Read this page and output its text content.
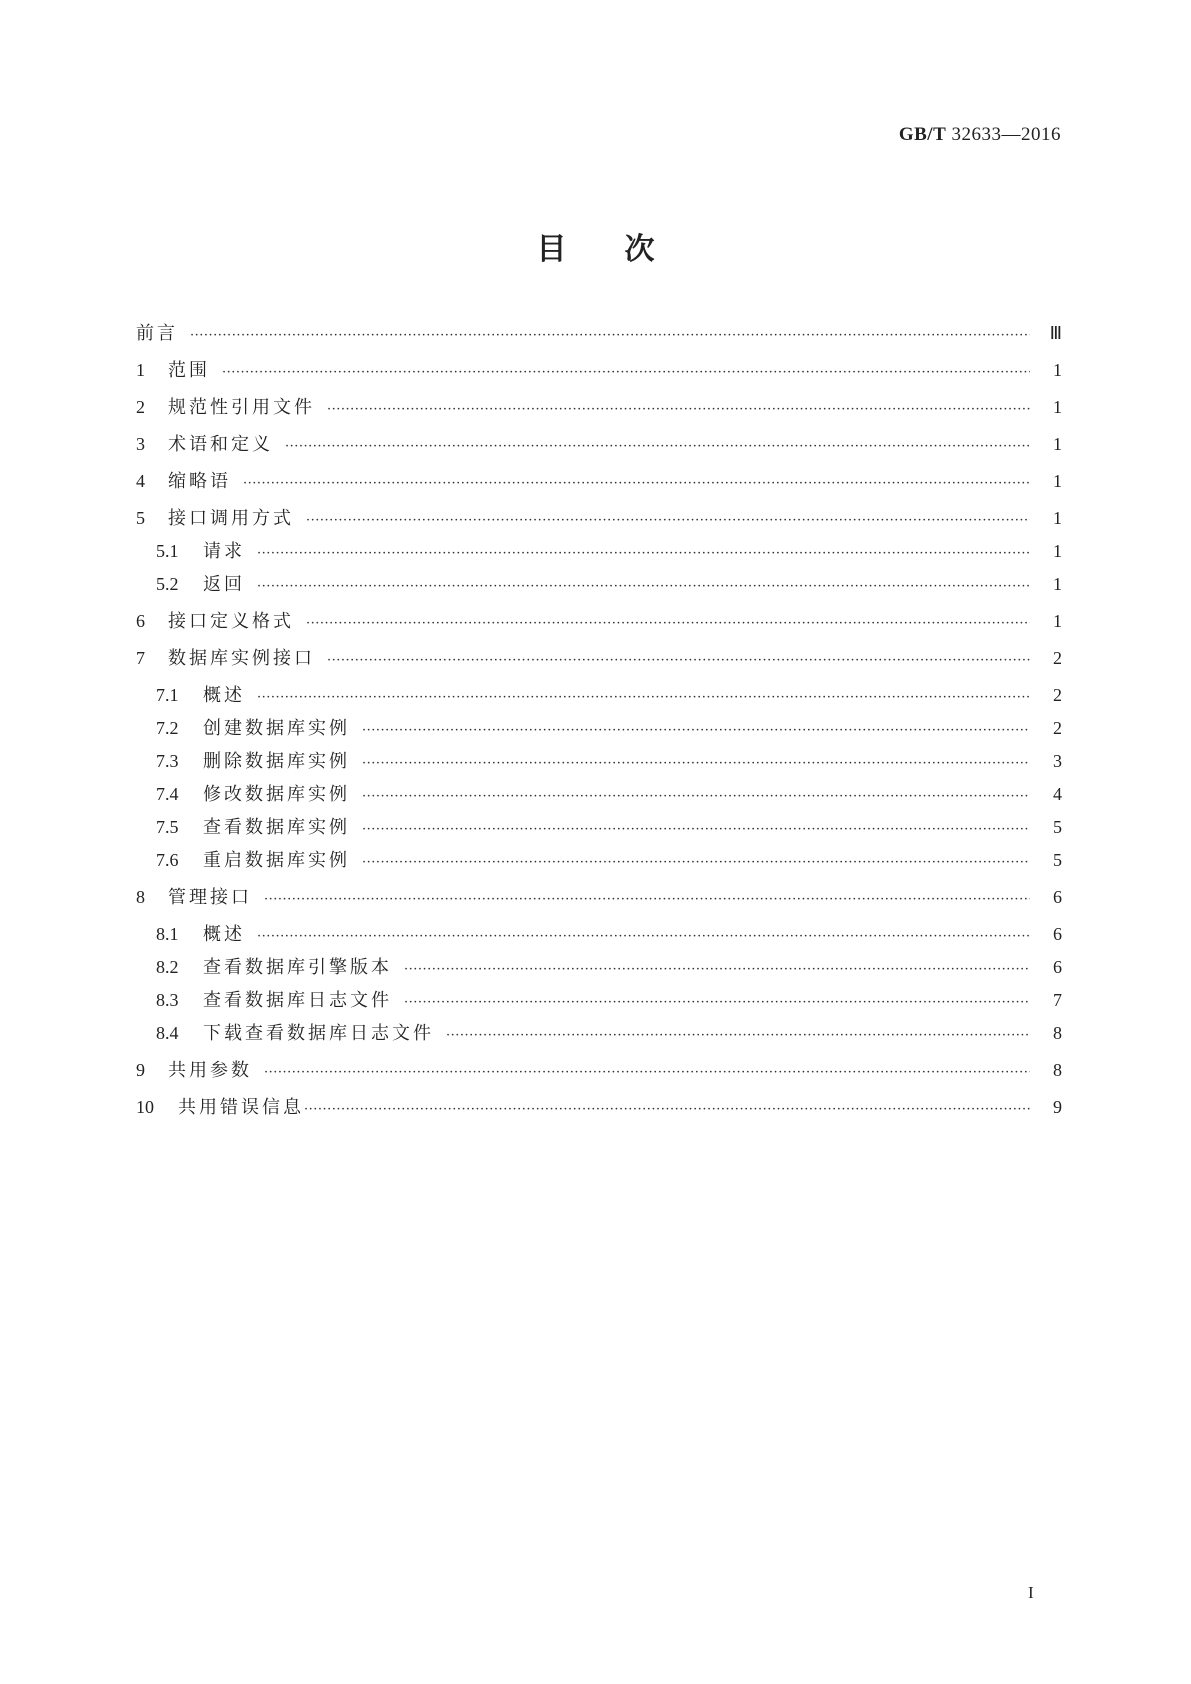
GB/T 32633—2016
目次
前言 ·····	Ⅲ
1	范围 ·····	1
2	规范性引用文件 ·····	1
3	术语和定义 ·····	1
4	缩略语 ·····	1
5	接口调用方式 ·····	1
5.1	请求 ·····	1
5.2	返回 ·····	1
6	接口定义格式 ·····	1
7	数据库实例接口 ·····	2
7.1	概述 ·····	2
7.2	创建数据库实例 ·····	2
7.3	删除数据库实例 ·····	3
7.4	修改数据库实例 ·····	4
7.5	查看数据库实例 ·····	5
7.6	重启数据库实例 ·····	5
8	管理接口 ·····	6
8.1	概述 ·····	6
8.2	查看数据库引擎版本 ·····	6
8.3	查看数据库日志文件 ·····	7
8.4	下载查看数据库日志文件 ·····	8
9	共用参数 ·····	8
10	共用错误信息 ·····	9
I
